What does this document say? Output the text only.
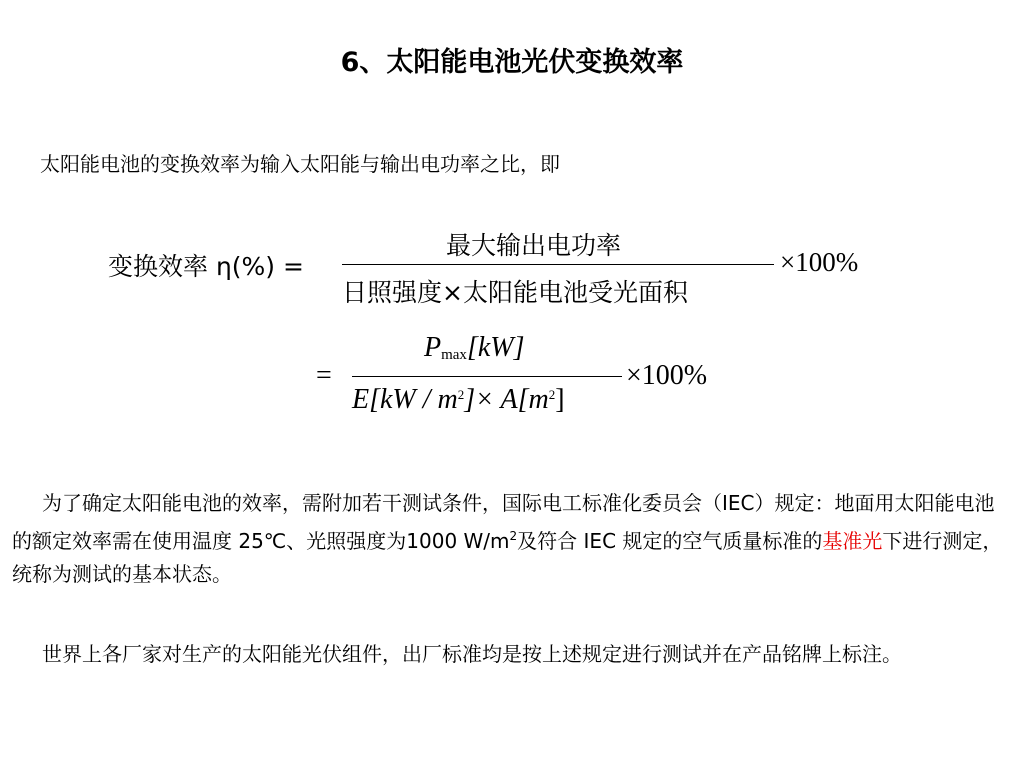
6、太阳能电池光伏变换效率
太阳能电池的变换效率为输入太阳能与输出电功率之比，即
变换效率 η(%) =
最大输出电功率
日照强度×太阳能电池受光面积
×100%
=
$P_{max}[kW]$
$E[kW / m^2]\times A[m^2]$
×100%
为了确定太阳能电池的效率，需附加若干测试条件，国际电工标准化委员会（IEC）规定：地面用太阳能电池的额定效率需在使用温度 25℃、光照强度为1000 $W/m^2$及符合 IEC 规定的空气质量标准的基准光下进行测定，统称为测试的基本状态。
世界上各厂家对生产的太阳能光伏组件，出厂标准均是按上述规定进行测试并在产品铭牌上标注。
